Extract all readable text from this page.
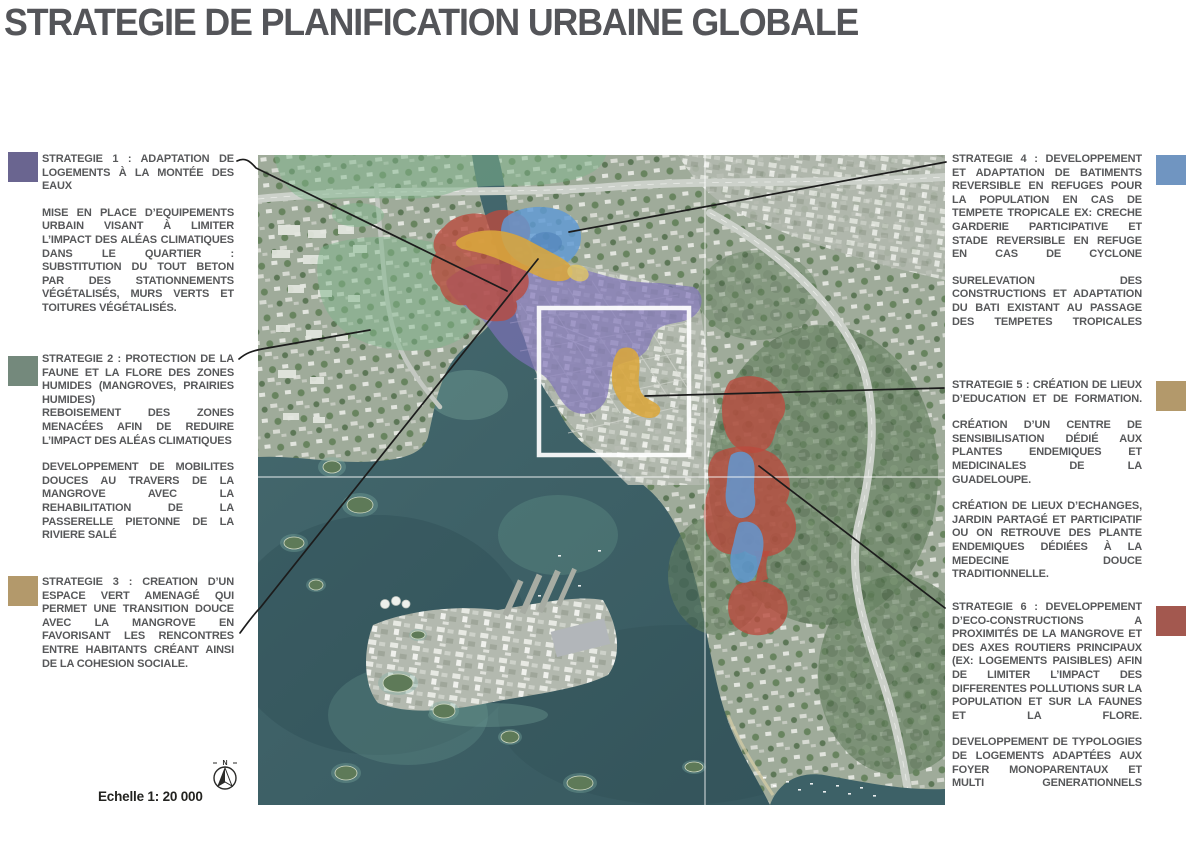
STRATEGIE DE PLANIFICATION URBAINE GLOBALE

STRATEGIE 1 : ADAPTATION DE LOGEMENTS À LA MONTÉE DES EAUX

MISE EN PLACE D’EQUIPEMENTS URBAIN VISANT À LIMITER L’IMPACT DES ALÉAS CLIMATIQUES DANS LE QUARTIER : SUBSTITUTION DU TOUT BETON PAR DES STATIONNEMENTS VÉGÉTALISÉS, MURS VERTS ET TOITURES VÉGÉTALISÉS.

STRATEGIE 2 : PROTECTION DE LA FAUNE ET LA FLORE DES ZONES HUMIDES (MANGROVES, PRAIRIES HUMIDES)

REBOISEMENT DES ZONES MENACÉES AFIN DE REDUIRE L’IMPACT DES ALÉAS CLIMATIQUES

DEVELOPPEMENT DE MOBILITES DOUCES AU TRAVERS DE LA MANGROVE AVEC LA REHABILITATION DE LA PASSERELLE PIETONNE DE LA RIVIERE SALÉ

STRATEGIE 3 : CREATION D’UN ESPACE VERT AMENAGÉ QUI PERMET UNE TRANSITION DOUCE AVEC LA MANGROVE EN FAVORISANT LES RENCONTRES ENTRE HABITANTS CRÉANT AINSI DE LA COHESION SOCIALE.

STRATEGIE 4 : DEVELOPPEMENT ET ADAPTATION DE BATIMENTS REVERSIBLE EN REFUGES POUR LA POPULATION EN CAS DE TEMPETE TROPICALE EX: CRECHE GARDERIE PARTICIPATIVE ET STADE REVERSIBLE EN REFUGE EN CAS DE CYCLONE

SURELEVATION DES CONSTRUCTIONS ET ADAPTATION DU BATI EXISTANT AU PASSAGE DES TEMPETES TROPICALES

STRATEGIE 5 : CRÉATION DE LIEUX D’EDUCATION ET DE FORMATION.

CRÉATION D’UN CENTRE DE SENSIBILISATION DÉDIÉ AUX PLANTES ENDEMIQUES ET MEDICINALES DE LA GUADELOUPE.

CRÉATION DE LIEUX D’ECHANGES, JARDIN PARTAGÉ ET PARTICIPATIF OU ON RETROUVE DES PLANTE ENDEMIQUES DÉDIÉES À LA MEDECINE DOUCE TRADITIONNELLE.

STRATEGIE 6 : DEVELOPPEMENT D’ECO-CONSTRUCTIONS A PROXIMITÉS DE LA MANGROVE ET DES AXES ROUTIERS PRINCIPAUX (EX: LOGEMENTS PAISIBLES) AFIN DE LIMITER L’IMPACT DES DIFFERENTES POLLUTIONS SUR LA POPULATION ET SUR LA FAUNES ET LA FLORE.

DEVELOPPEMENT DE TYPOLOGIES DE LOGEMENTS ADAPTÉES AUX FOYER MONOPARENTAUX ET MULTI GENERATIONNELS

N
Echelle 1: 20 000
